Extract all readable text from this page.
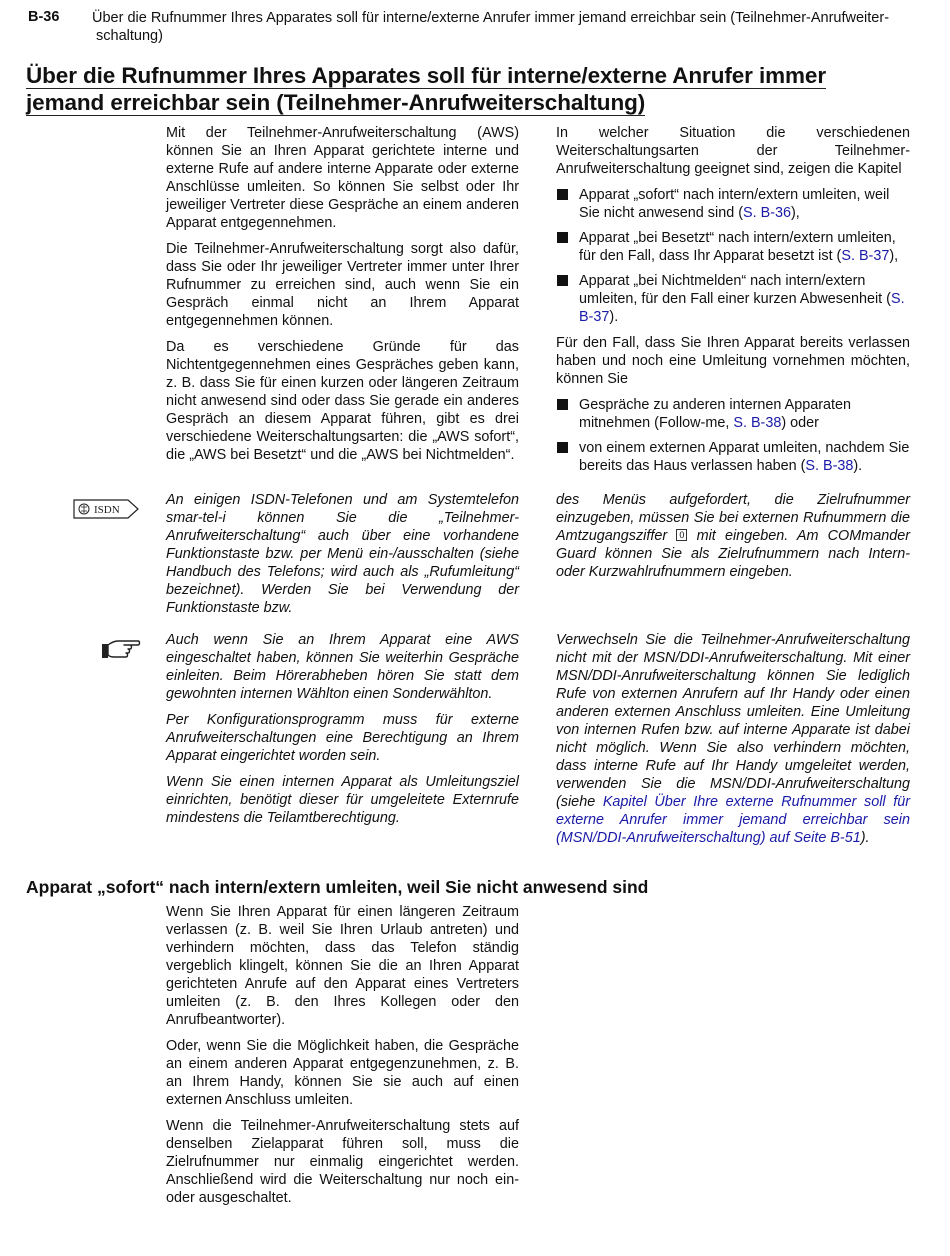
B-36 Über die Rufnummer Ihres Apparates soll für interne/externe Anrufer immer jemand erreichbar sein (Teilnehmer-Anrufweiter-
schaltung)
Über die Rufnummer Ihres Apparates soll für interne/externe Anrufer immer jemand erreichbar sein (Teilnehmer-Anrufweiterschaltung)

Mit der Teilnehmer-Anrufweiterschaltung (AWS) können Sie an Ihren Apparat gerichtete interne und externe Rufe auf andere interne Apparate oder externe Anschlüsse umleiten. So können Sie selbst oder Ihr jeweiliger Vertreter diese Gespräche an einem anderen Apparat entgegennehmen.

Die Teilnehmer-Anrufweiterschaltung sorgt also dafür, dass Sie oder Ihr jeweiliger Vertreter immer unter Ihrer Rufnummer zu erreichen sind, auch wenn Sie ein Gespräch einmal nicht an Ihrem Apparat entgegennehmen können.

Da es verschiedene Gründe für das Nichtentgegennehmen eines Gespräches geben kann, z. B. dass Sie für einen kurzen oder längeren Zeitraum nicht anwesend sind oder dass Sie gerade ein anderes Gespräch an diesem Apparat führen, gibt es drei verschiedene Weiterschaltungsarten: die „AWS sofort“, die „AWS bei Besetzt“ und die „AWS bei Nichtmelden“.

In welcher Situation die verschiedenen Weiterschaltungsarten der Teilnehmer-Anrufweiterschaltung geeignet sind, zeigen die Kapitel

Apparat „sofort“ nach intern/extern umleiten, weil Sie nicht anwesend sind (S. B-36),
Apparat „bei Besetzt“ nach intern/extern umleiten, für den Fall, dass Ihr Apparat besetzt ist (S. B-37),
Apparat „bei Nichtmelden“ nach intern/extern umleiten, für den Fall einer kurzen Abwesenheit (S. B-37).

Für den Fall, dass Sie Ihren Apparat bereits verlassen haben und noch eine Umleitung vornehmen möchten, können Sie

Gespräche zu anderen internen Apparaten mitnehmen (Follow-me, S. B-38) oder
von einem externen Apparat umleiten, nachdem Sie bereits das Haus verlassen haben (S. B-38).
ISDN

An einigen ISDN-Telefonen und am Systemtelefon smar-tel-i können Sie die „Teilnehmer-Anrufweiterschaltung“ auch über eine vorhandene Funktionstaste bzw. per Menü ein-/ausschalten (siehe Handbuch des Telefons; wird auch als „Rufumleitung“ bezeichnet). Werden Sie bei Verwendung der Funktionstaste bzw.

des Menüs aufgefordert, die Zielrufnummer einzugeben, müssen Sie bei externen Rufnummern die Amtzugangsziffer 0 mit eingeben. Am COMmander Guard können Sie als Zielrufnummern nach Intern- oder Kurzwahlrufnummern eingeben.

Auch wenn Sie an Ihrem Apparat eine AWS eingeschaltet haben, können Sie weiterhin Gespräche einleiten. Beim Hörerabheben hören Sie statt dem gewohnten internen Wählton einen Sonderwählton.

Per Konfigurationsprogramm muss für externe Anrufweiterschaltungen eine Berechtigung an Ihrem Apparat eingerichtet worden sein.

Wenn Sie einen internen Apparat als Umleitungsziel einrichten, benötigt dieser für umgeleitete Externrufe mindestens die Teilamtberechtigung.

Verwechseln Sie die Teilnehmer-Anrufweiterschaltung nicht mit der MSN/DDI-Anrufweiterschaltung. Mit einer MSN/DDI-Anrufweiterschaltung können Sie lediglich Rufe von externen Anrufern auf Ihr Handy oder einen anderen externen Anschluss umleiten. Eine Umleitung von internen Rufen bzw. auf interne Apparate ist dabei nicht möglich. Wenn Sie also verhindern möchten, dass interne Rufe auf Ihr Handy umgeleitet werden, verwenden Sie die MSN/DDI-Anrufweiterschaltung (siehe Kapitel Über Ihre externe Rufnummer soll für externe Anrufer immer jemand erreichbar sein (MSN/DDI-Anrufweiterschaltung) auf Seite B-51).

Apparat „sofort“ nach intern/extern umleiten, weil Sie nicht anwesend sind

Wenn Sie Ihren Apparat für einen längeren Zeitraum verlassen (z. B. weil Sie Ihren Urlaub antreten) und verhindern möchten, dass das Telefon ständig vergeblich klingelt, können Sie die an Ihren Apparat gerichteten Anrufe auf den Apparat eines Vertreters umleiten (z. B. den Ihres Kollegen oder den Anrufbeantworter).

Oder, wenn Sie die Möglichkeit haben, die Gespräche an einem anderen Apparat entgegenzunehmen, z. B. an Ihrem Handy, können Sie sie auch auf einen externen Anschluss umleiten.

Wenn die Teilnehmer-Anrufweiterschaltung stets auf denselben Zielapparat führen soll, muss die Zielrufnummer nur einmalig eingerichtet werden. Anschließend wird die Weiterschaltung nur noch ein- oder ausgeschaltet.
